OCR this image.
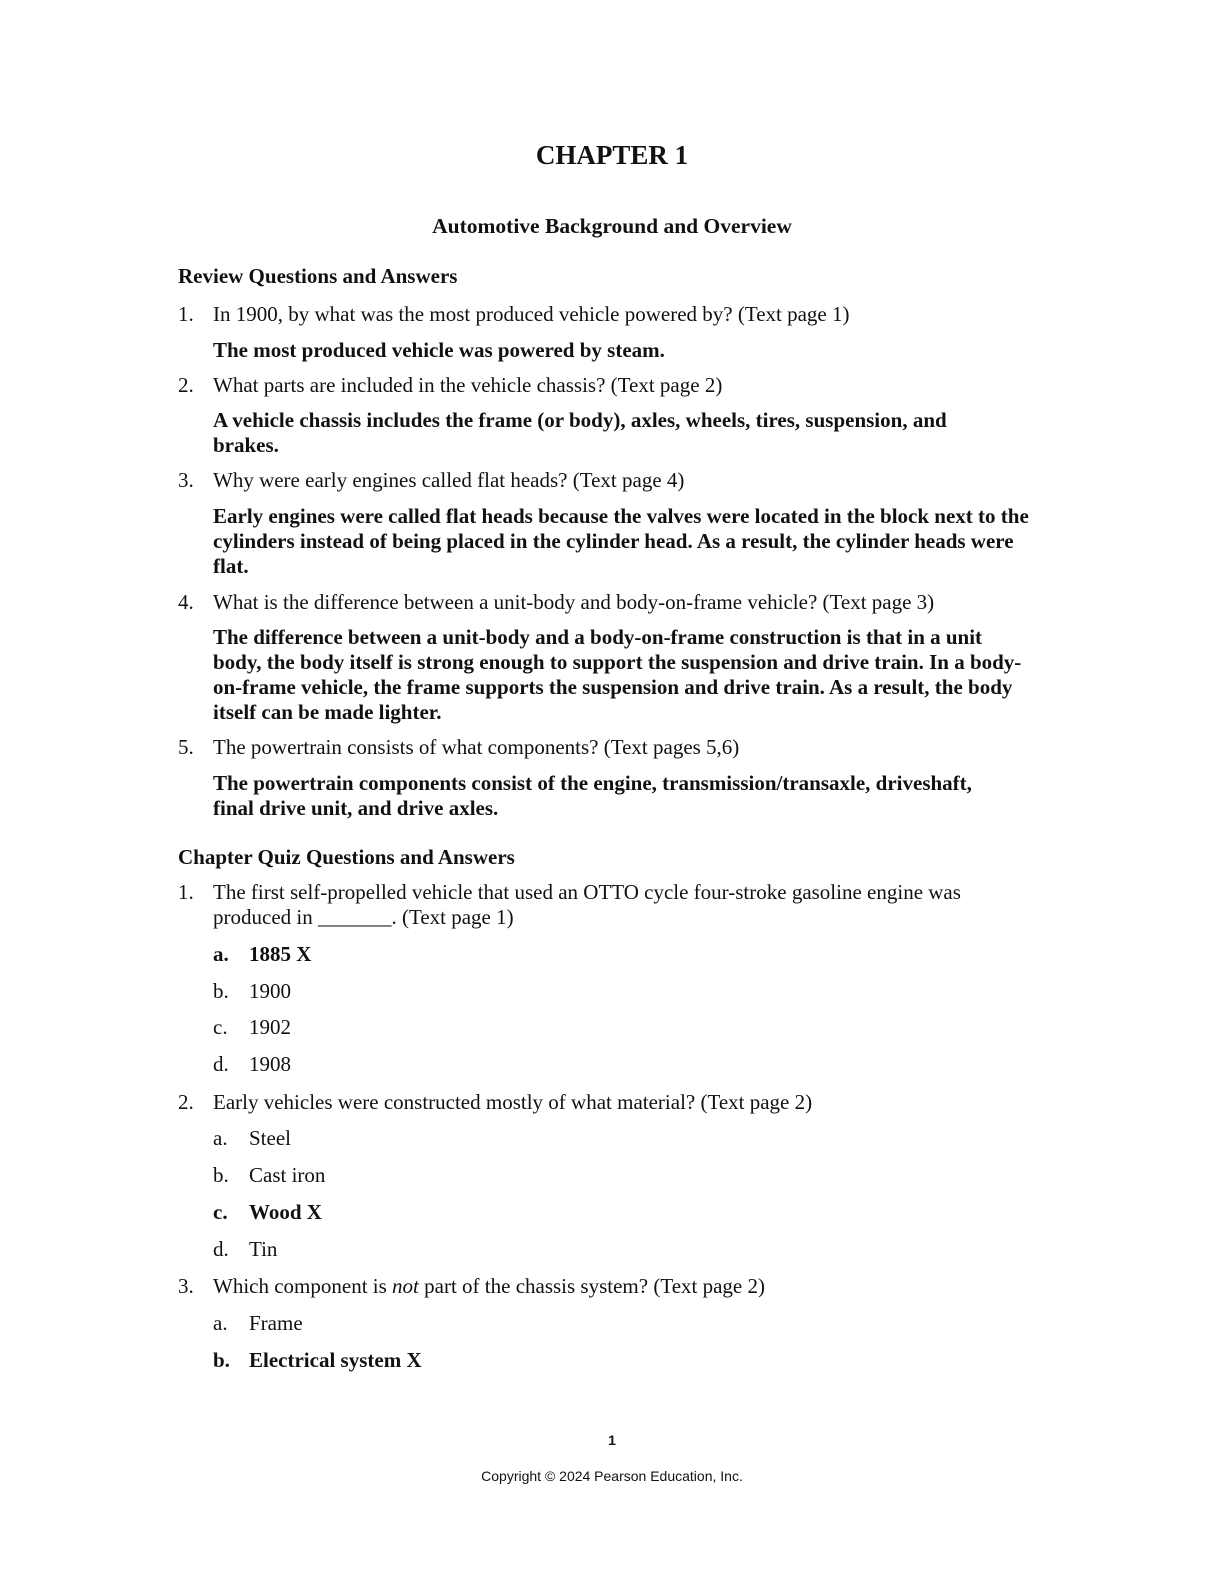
CHAPTER 1
Automotive Background and Overview
Review Questions and Answers
1. In 1900, by what was the most produced vehicle powered by? (Text page 1)
The most produced vehicle was powered by steam.
2. What parts are included in the vehicle chassis? (Text page 2)
A vehicle chassis includes the frame (or body), axles, wheels, tires, suspension, and brakes.
3. Why were early engines called flat heads? (Text page 4)
Early engines were called flat heads because the valves were located in the block next to the cylinders instead of being placed in the cylinder head. As a result, the cylinder heads were flat.
4. What is the difference between a unit-body and body-on-frame vehicle? (Text page 3)
The difference between a unit-body and a body-on-frame construction is that in a unit body, the body itself is strong enough to support the suspension and drive train. In a body-on-frame vehicle, the frame supports the suspension and drive train. As a result, the body itself can be made lighter.
5. The powertrain consists of what components? (Text pages 5,6)
The powertrain components consist of the engine, transmission/transaxle, driveshaft, final drive unit, and drive axles.
Chapter Quiz Questions and Answers
1. The first self-propelled vehicle that used an OTTO cycle four-stroke gasoline engine was
produced in _______. (Text page 1)
a. 1885 X
b. 1900
c. 1902
d. 1908
2. Early vehicles were constructed mostly of what material? (Text page 2)
a. Steel
b. Cast iron
c. Wood X
d. Tin
3. Which component is not part of the chassis system? (Text page 2)
a. Frame
b. Electrical system X
1
Copyright © 2024 Pearson Education, Inc.
